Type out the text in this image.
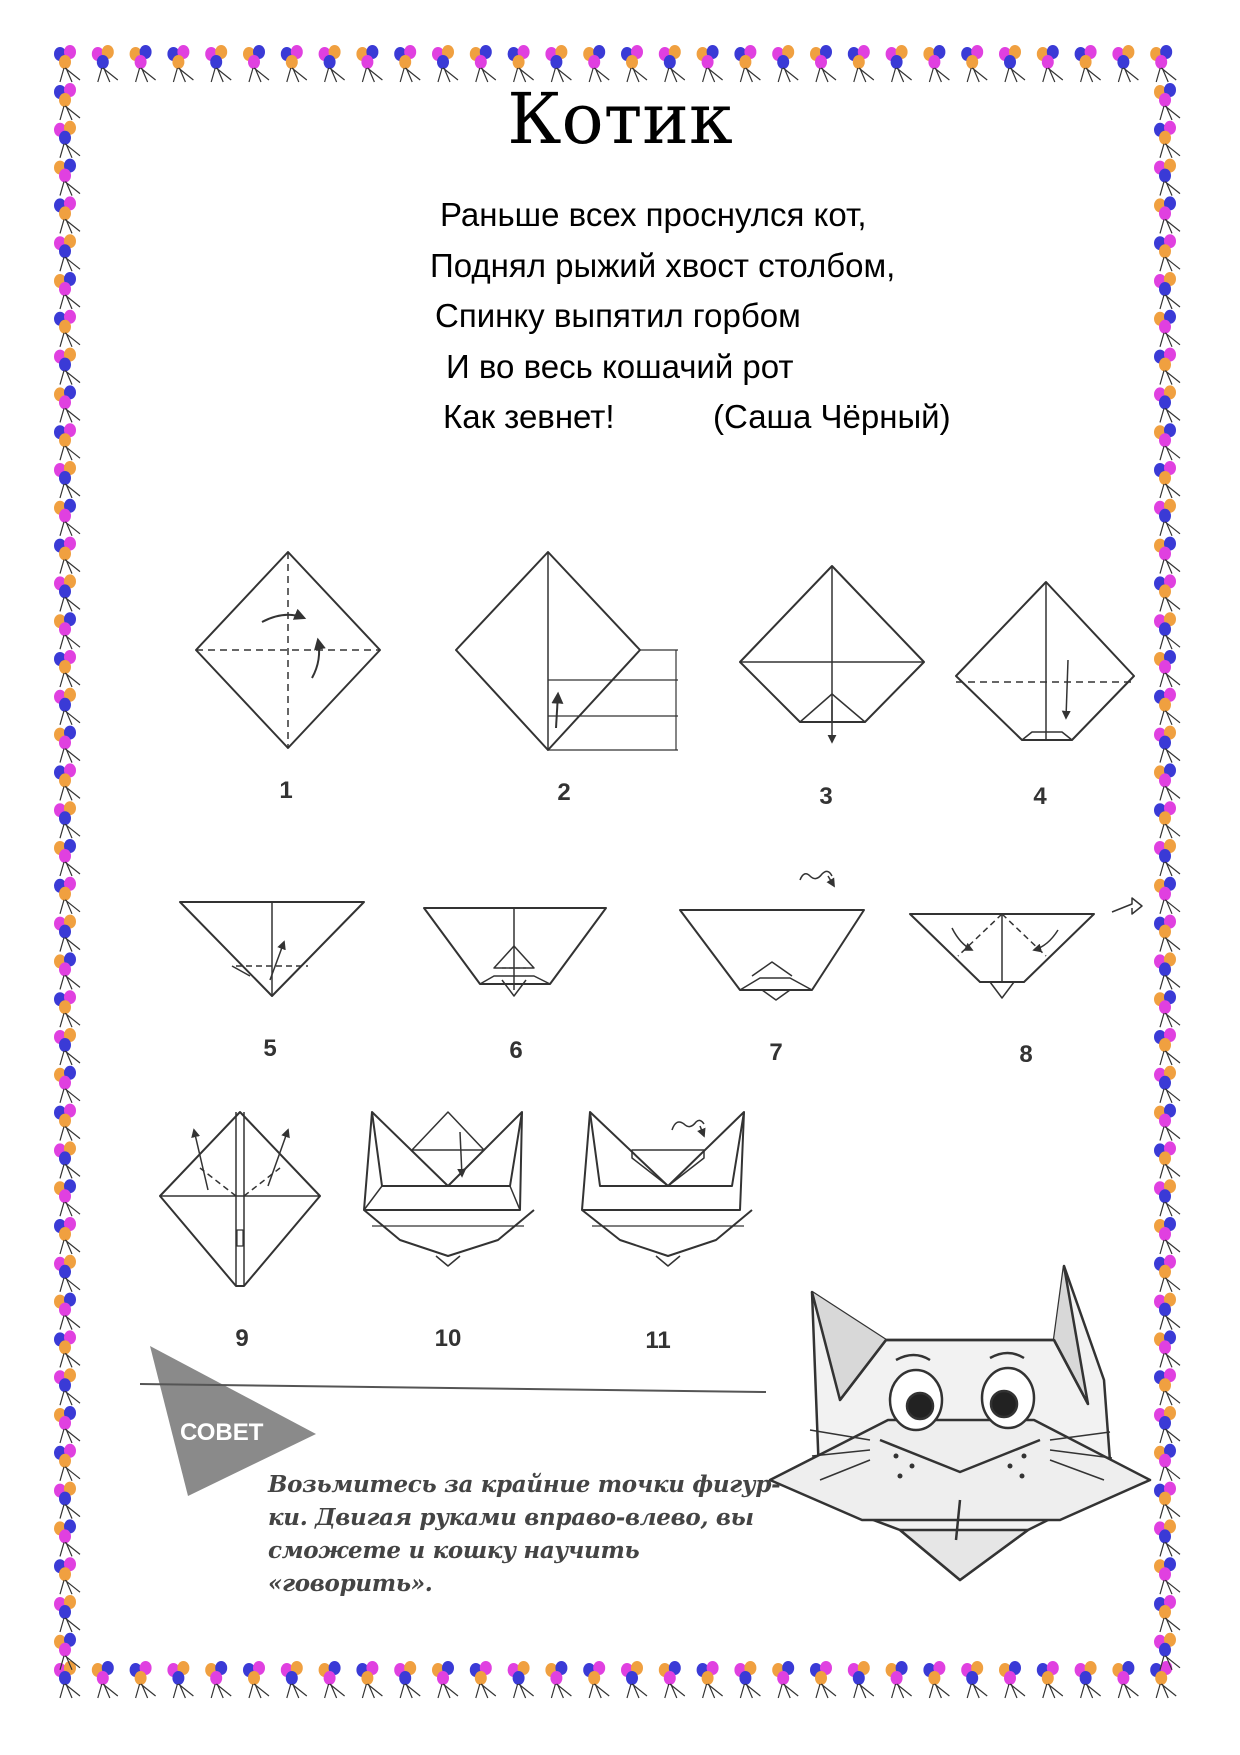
Котик
Раньше всех проснулся кот,
Поднял рыжий хвост столбом,
Спинку выпятил горбом
И во весь кошачий рот
Как зевнет!	(Саша Чёрный)
1	2	3	4
5	6	7	8
9	10	11
СОВЕТ
Возьмитесь за крайние точки фигур-
ки. Двигая руками вправо-влево, вы
сможете и кошку научить «говорить».
